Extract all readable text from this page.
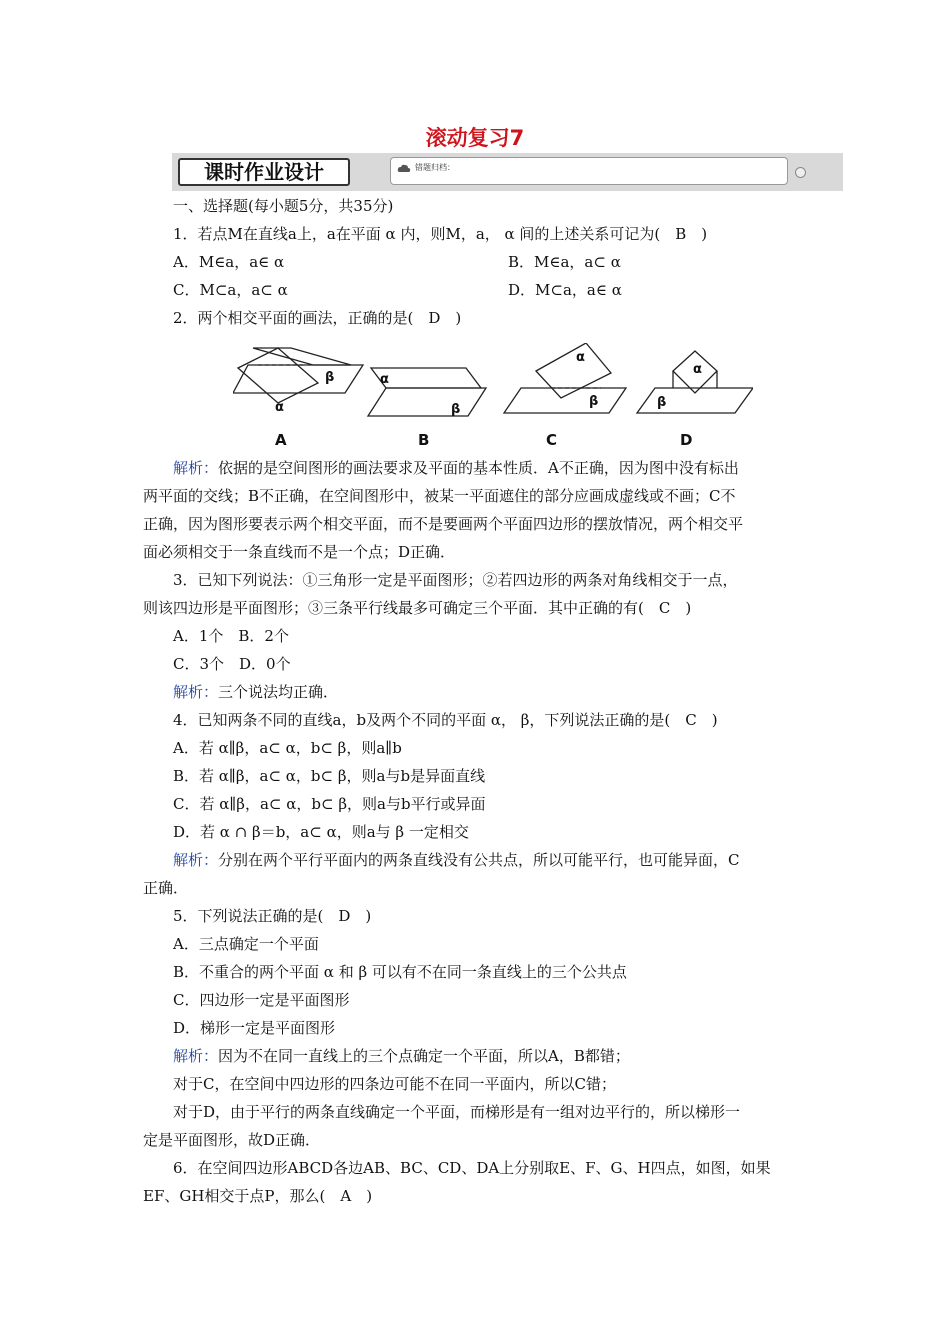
滚动复习7
课时作业设计	错题归档：
一、选择题(每小题5分，共35分)
1．若点M在直线a上，a在平面 α 内，则M，a， α 间的上述关系可记为(　B　)
A．M∈a，a∈ α	B．M∈a，a⊂ α
C．M⊂a，a⊂ α	D．M⊂a，a∈ α
2．两个相交平面的画法，正确的是(　D　)
β
α
A
α
β
B
α
β
C
α
β
D
解析：依据的是空间图形的画法要求及平面的基本性质．A不正确，因为图中没有标出
两平面的交线；B不正确，在空间图形中，被某一平面遮住的部分应画成虚线或不画；C不
正确，因为图形要表示两个相交平面，而不是要画两个平面四边形的摆放情况，两个相交平
面必须相交于一条直线而不是一个点；D正确．
3．已知下列说法：①三角形一定是平面图形；②若四边形的两条对角线相交于一点，
则该四边形是平面图形；③三条平行线最多可确定三个平面．其中正确的有(　C　)
A．1个　B．2个
C．3个　D．0个
解析：三个说法均正确．
4．已知两条不同的直线a，b及两个不同的平面 α， β，下列说法正确的是(　C　)
A．若 α∥β，a⊂ α，b⊂ β，则a∥b
B．若 α∥β，a⊂ α，b⊂ β，则a与b是异面直线
C．若 α∥β，a⊂ α，b⊂ β，则a与b平行或异面
D．若 α ∩ β＝b，a⊂ α，则a与 β 一定相交
解析：分别在两个平行平面内的两条直线没有公共点，所以可能平行，也可能异面，C
正确．
5．下列说法正确的是(　D　)
A．三点确定一个平面
B．不重合的两个平面 α 和 β 可以有不在同一条直线上的三个公共点
C．四边形一定是平面图形
D．梯形一定是平面图形
解析：因为不在同一直线上的三个点确定一个平面，所以A，B都错；
对于C，在空间中四边形的四条边可能不在同一平面内，所以C错；
对于D，由于平行的两条直线确定一个平面，而梯形是有一组对边平行的，所以梯形一
定是平面图形，故D正确．
6．在空间四边形ABCD各边AB、BC、CD、DA上分别取E、F、G、H四点，如图，如果
EF、GH相交于点P，那么(　A　)
